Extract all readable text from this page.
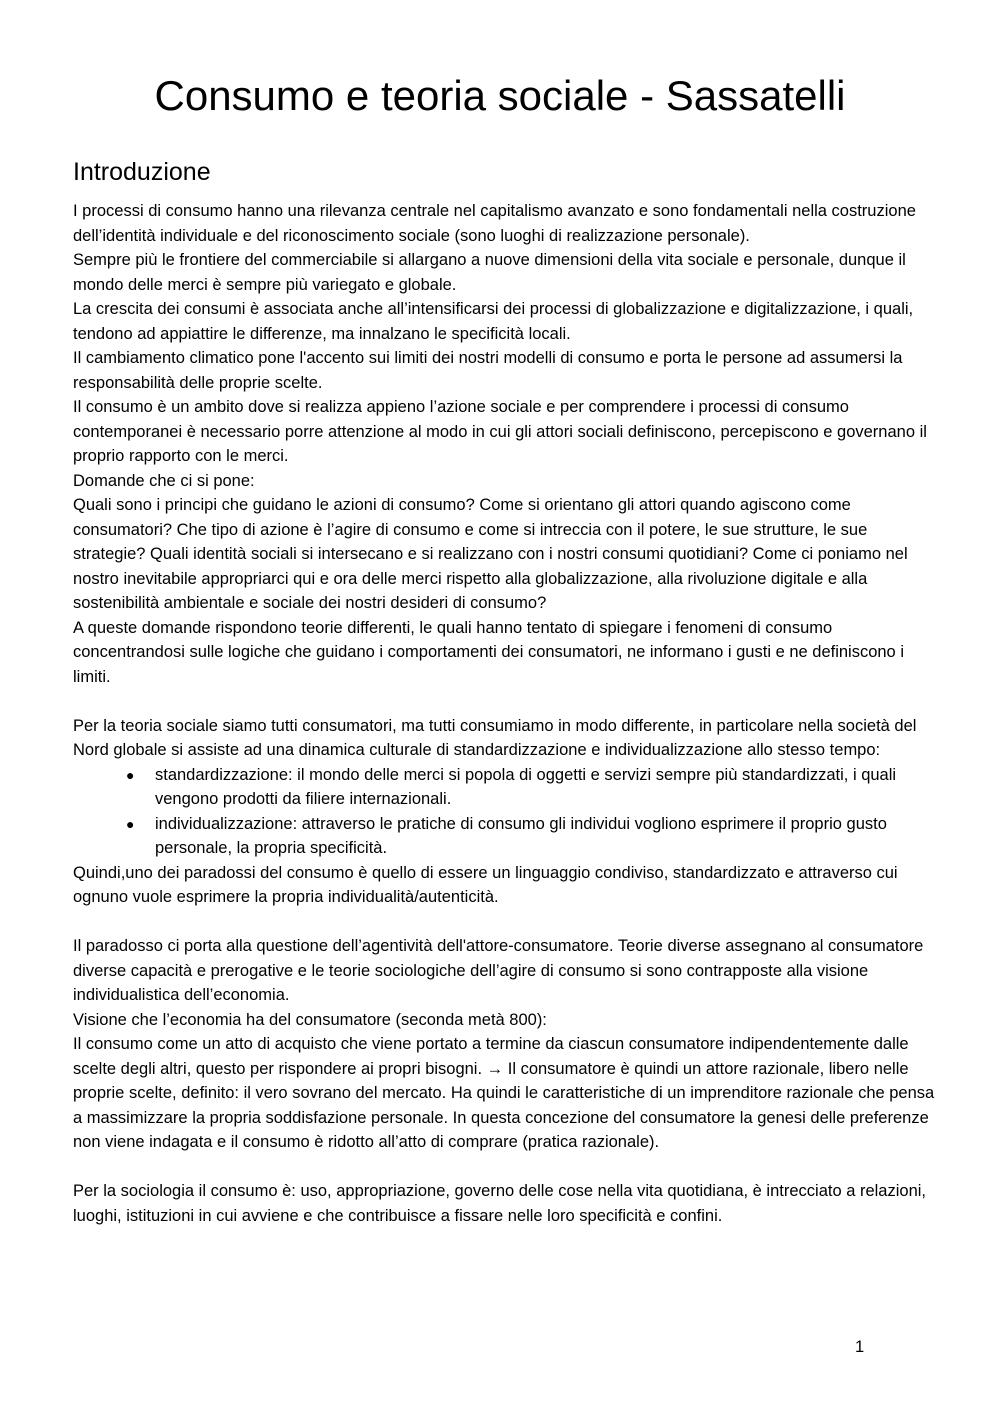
Consumo e teoria sociale - Sassatelli
Introduzione

I processi di consumo hanno una rilevanza centrale nel capitalismo avanzato e sono fondamentali nella costruzione dell’identità individuale e del riconoscimento sociale (sono luoghi di realizzazione personale).

Sempre più le frontiere del commerciabile si allargano a nuove dimensioni della vita sociale e personale, dunque il mondo delle merci è sempre più variegato e globale.

La crescita dei consumi è associata anche all’intensificarsi dei processi di globalizzazione e digitalizzazione, i quali, tendono ad appiattire le differenze, ma innalzano le specificità locali.

Il cambiamento climatico pone l'accento sui limiti dei nostri modelli di consumo e porta le persone ad assumersi la responsabilità delle proprie scelte.

Il consumo è un ambito dove si realizza appieno l’azione sociale e per comprendere i processi di consumo contemporanei è necessario porre attenzione al modo in cui gli attori sociali definiscono, percepiscono e governano il proprio rapporto con le merci.

Domande che ci si pone:

Quali sono i principi che guidano le azioni di consumo? Come si orientano gli attori quando agiscono come consumatori? Che tipo di azione è l’agire di consumo e come si intreccia con il potere, le sue strutture, le sue strategie? Quali identità sociali si intersecano e si realizzano con i nostri consumi quotidiani? Come ci poniamo nel nostro inevitabile appropriarci qui e ora delle merci rispetto alla globalizzazione, alla rivoluzione digitale e alla sostenibilità ambientale e sociale dei nostri desideri di consumo?

A queste domande rispondono teorie differenti, le quali hanno tentato di spiegare i fenomeni di consumo concentrandosi sulle logiche che guidano i comportamenti dei consumatori, ne informano i gusti e ne definiscono i limiti.

Per la teoria sociale siamo tutti consumatori, ma tutti consumiamo in modo differente, in particolare nella società del Nord globale si assiste ad una dinamica culturale di standardizzazione e individualizzazione allo stesso tempo:

● standardizzazione: il mondo delle merci si popola di oggetti e servizi sempre più standardizzati, i quali vengono prodotti da filiere internazionali.
● individualizzazione: attraverso le pratiche di consumo gli individui vogliono esprimere il proprio gusto personale, la propria specificità.

Quindi,uno dei paradossi del consumo è quello di essere un linguaggio condiviso, standardizzato e attraverso cui ognuno vuole esprimere la propria individualità/autenticità.

Il paradosso ci porta alla questione dell’agentività dell'attore-consumatore. Teorie diverse assegnano al consumatore diverse capacità e prerogative e le teorie sociologiche dell’agire di consumo si sono contrapposte alla visione individualistica dell’economia.

Visione che l’economia ha del consumatore (seconda metà 800):

Il consumo come un atto di acquisto che viene portato a termine da ciascun consumatore indipendentemente dalle scelte degli altri, questo per rispondere ai propri bisogni. → Il consumatore è quindi un attore razionale, libero nelle proprie scelte, definito: il vero sovrano del mercato. Ha quindi le caratteristiche di un imprenditore razionale che pensa a massimizzare la propria soddisfazione personale. In questa concezione del consumatore la genesi delle preferenze non viene indagata e il consumo è ridotto all’atto di comprare (pratica razionale).

Per la sociologia il consumo è: uso, appropriazione, governo delle cose nella vita quotidiana, è intrecciato a relazioni, luoghi, istituzioni in cui avviene e che contribuisce a fissare nelle loro specificità e confini.

1
